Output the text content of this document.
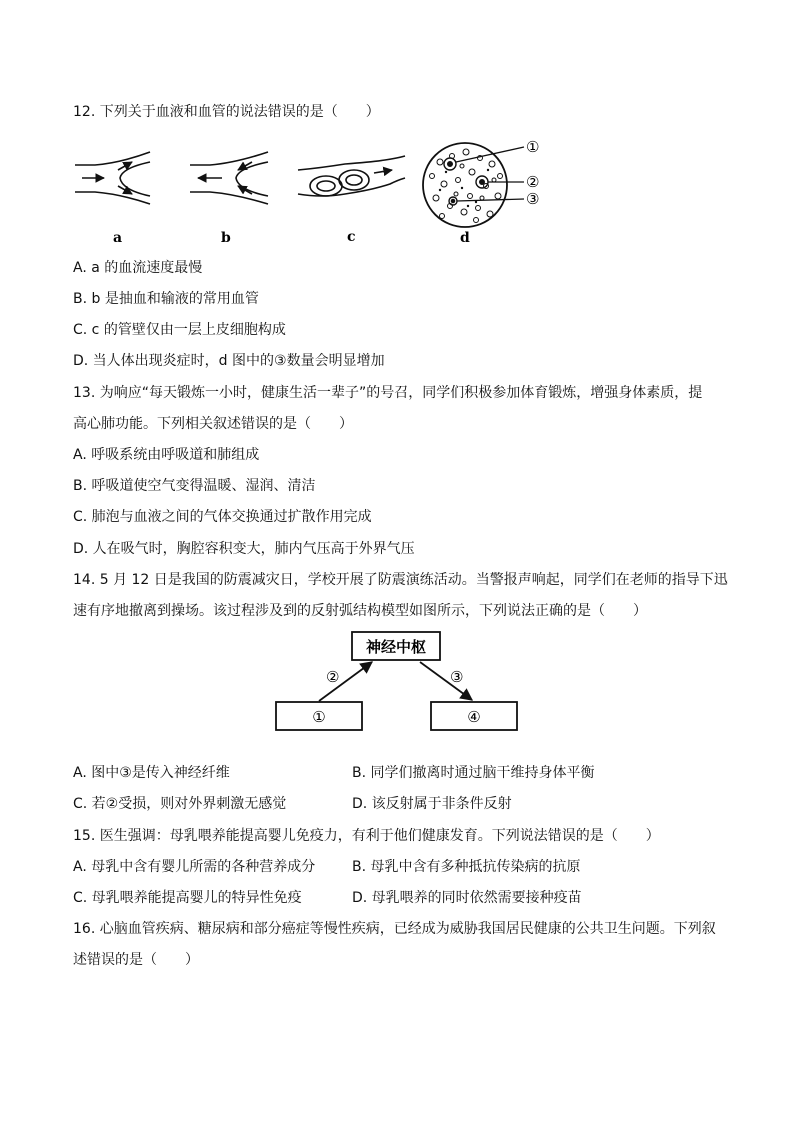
12. 下列关于血液和血管的说法错误的是（　　）
①
②
③
a	b	c	d
A. a 的血流速度最慢
B. b 是抽血和输液的常用血管
C. c 的管壁仅由一层上皮细胞构成
D. 当人体出现炎症时，d 图中的③数量会明显增加
13. 为响应“每天锻炼一小时，健康生活一辈子”的号召，同学们积极参加体育锻炼，增强身体素质，提
高心肺功能。下列相关叙述错误的是（　　）
A. 呼吸系统由呼吸道和肺组成
B. 呼吸道使空气变得温暖、湿润、清洁
C. 肺泡与血液之间的气体交换通过扩散作用完成
D. 人在吸气时，胸腔容积变大，肺内气压高于外界气压
14. 5 月 12 日是我国的防震减灾日，学校开展了防震演练活动。当警报声响起，同学们在老师的指导下迅
速有序地撤离到操场。该过程涉及到的反射弧结构模型如图所示，下列说法正确的是（　　）
神经中枢
①	④
②	③
A. 图中③是传入神经纤维	B. 同学们撤离时通过脑干维持身体平衡
C. 若②受损，则对外界刺激无感觉	D. 该反射属于非条件反射
15. 医生强调：母乳喂养能提高婴儿免疫力，有利于他们健康发育。下列说法错误的是（　　）
A. 母乳中含有婴儿所需的各种营养成分	B. 母乳中含有多种抵抗传染病的抗原
C. 母乳喂养能提高婴儿的特异性免疫	D. 母乳喂养的同时依然需要接种疫苗
16. 心脑血管疾病、糖尿病和部分癌症等慢性疾病，已经成为威胁我国居民健康的公共卫生问题。下列叙
述错误的是（　　）
